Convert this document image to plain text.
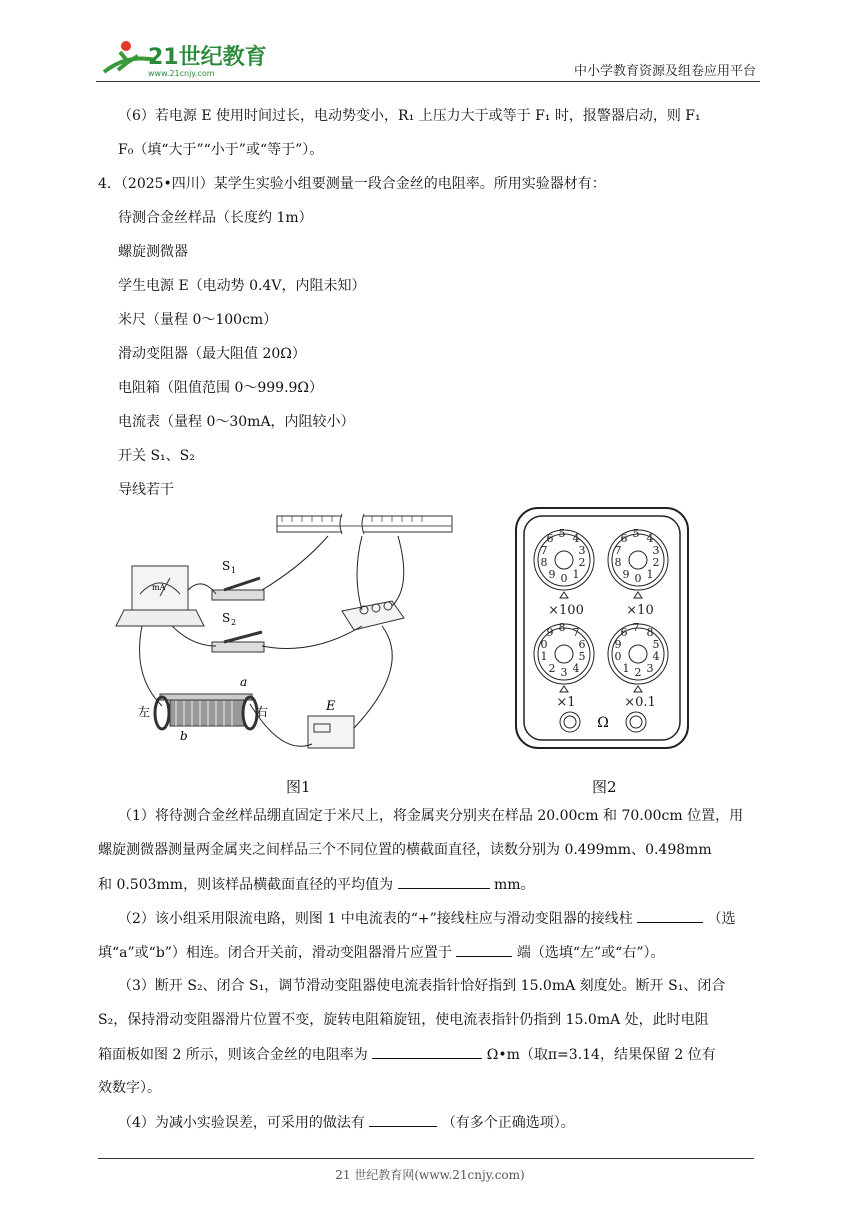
21世纪教育
www.21cnjy.com	中小学教育资源及组卷应用平台
（6）若电源 E 使用时间过长，电动势变小，R₁ 上压力大于或等于 F₁ 时，报警器启动，则 F₁
F₀（填“大于”“小于”或“等于”）。
4．（2025•四川）某学生实验小组要测量一段合金丝的电阻率。所用实验器材有：
待测合金丝样品（长度约 1m）
螺旋测微器
学生电源 E（电动势 0.4V，内阻未知）
米尺（量程 0～100cm）
滑动变阻器（最大阻值 20Ω）
电阻箱（阻值范围 0～999.9Ω）
电流表（量程 0～30mA，内阻较小）
开关 S₁、S₂
导线若干
mA
S 1
S 2
左	右
a
b
E
0
9
8
7
6 5
1
2
3
4
0
9
8
7
6 5
1
2
3
4
3
2
1
0
9 8
4
5
6
7
2
1
0
9
6 7
3
4
5
8
×100	×10
×1	×0.1
Ω
图1	图2
（1）将待测合金丝样品绷直固定于米尺上，将金属夹分别夹在样品 20.00cm 和 70.00cm 位置，用
螺旋测微器测量两金属夹之间样品三个不同位置的横截面直径，读数分别为 0.499mm、0.498mm
和 0.503mm，则该样品横截面直径的平均值为	mm。
（2）该小组采用限流电路，则图 1 中电流表的“+”接线柱应与滑动变阻器的接线柱	（选
填“a”或“b”）相连。闭合开关前，滑动变阻器滑片应置于	端（选填“左”或“右”）。
（3）断开 S₂、闭合 S₁，调节滑动变阻器使电流表指针恰好指到 15.0mA 刻度处。断开 S₁、闭合
S₂，保持滑动变阻器滑片位置不变，旋转电阻箱旋钮，使电流表指针仍指到 15.0mA 处，此时电阻
箱面板如图 2 所示，则该合金丝的电阻率为	Ω•m（取π=3.14，结果保留 2 位有
效数字）。
（4）为减小实验误差，可采用的做法有	（有多个正确选项）。
21 世纪教育网(www.21cnjy.com)
